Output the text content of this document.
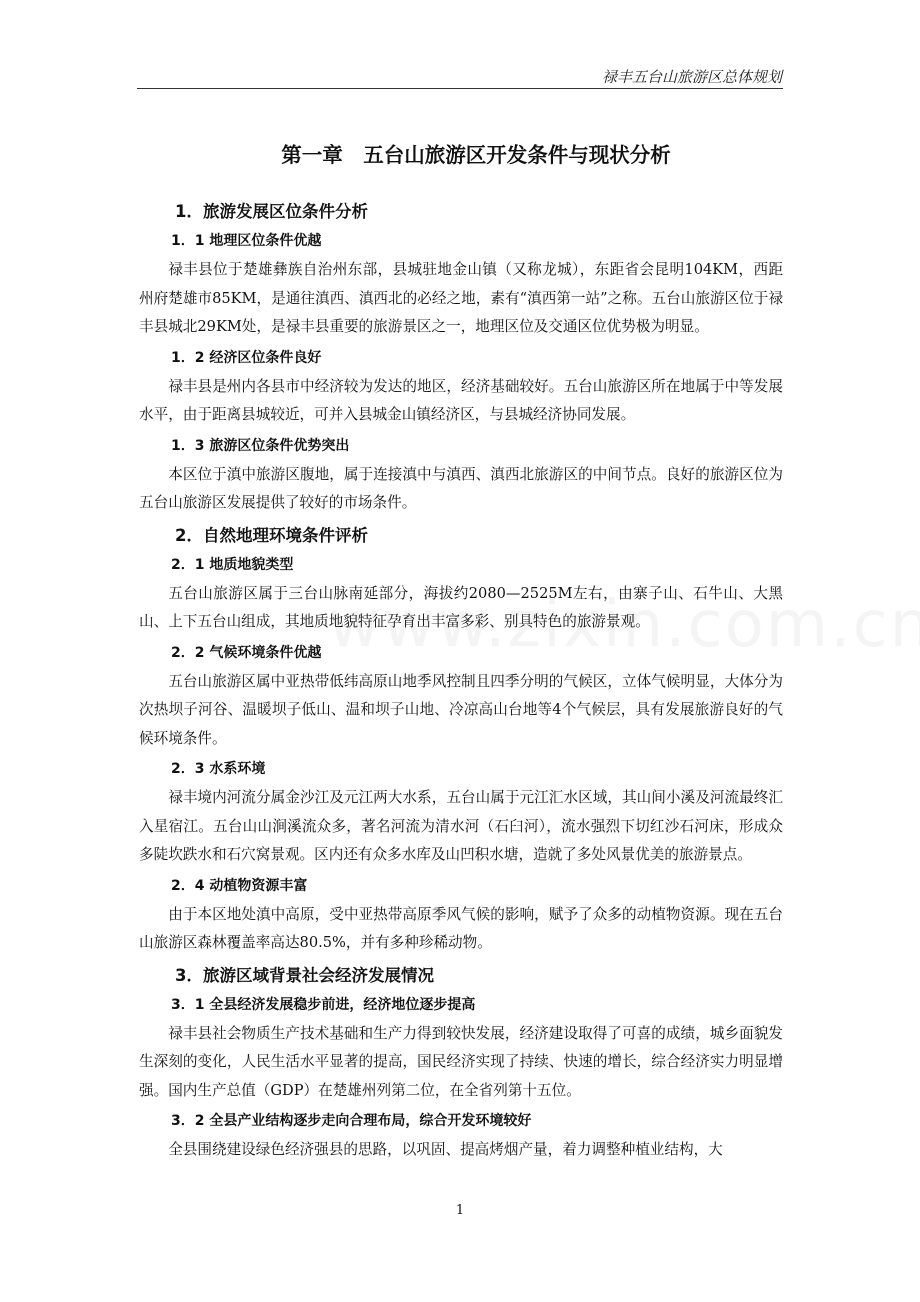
禄丰五台山旅游区总体规划
第一章　五台山旅游区开发条件与现状分析
1．旅游发展区位条件分析
1．1 地理区位条件优越

禄丰县位于楚雄彝族自治州东部，县城驻地金山镇（又称龙城），东距省会昆明104KM，西距州府楚雄市85KM，是通往滇西、滇西北的必经之地，素有“滇西第一站”之称。五台山旅游区位于禄丰县城北29KM处，是禄丰县重要的旅游景区之一，地理区位及交通区位优势极为明显。

1．2 经济区位条件良好

禄丰县是州内各县市中经济较为发达的地区，经济基础较好。五台山旅游区所在地属于中等发展水平，由于距离县城较近，可并入县城金山镇经济区，与县城经济协同发展。

1．3 旅游区位条件优势突出

本区位于滇中旅游区腹地，属于连接滇中与滇西、滇西北旅游区的中间节点。良好的旅游区位为五台山旅游区发展提供了较好的市场条件。

2．自然地理环境条件评析
2．1 地质地貌类型

五台山旅游区属于三台山脉南延部分，海拔约2080—2525M左右，由寨子山、石牛山、大黑山、上下五台山组成，其地质地貌特征孕育出丰富多彩、别具特色的旅游景观。

2．2 气候环境条件优越

五台山旅游区属中亚热带低纬高原山地季风控制且四季分明的气候区，立体气候明显，大体分为次热坝子河谷、温暖坝子低山、温和坝子山地、冷凉高山台地等4个气候层，具有发展旅游良好的气候环境条件。

2．3 水系环境

禄丰境内河流分属金沙江及元江两大水系，五台山属于元江汇水区域，其山间小溪及河流最终汇入星宿江。五台山山涧溪流众多，著名河流为清水河（石臼河），流水强烈下切红沙石河床，形成众多陡坎跌水和石穴窝景观。区内还有众多水库及山凹积水塘，造就了多处风景优美的旅游景点。

2．4 动植物资源丰富

由于本区地处滇中高原，受中亚热带高原季风气候的影响，赋予了众多的动植物资源。现在五台山旅游区森林覆盖率高达80.5%，并有多种珍稀动物。

3．旅游区域背景社会经济发展情况
3．1 全县经济发展稳步前进，经济地位逐步提高

禄丰县社会物质生产技术基础和生产力得到较快发展，经济建设取得了可喜的成绩，城乡面貌发生深刻的变化，人民生活水平显著的提高，国民经济实现了持续、快速的增长，综合经济实力明显增强。国内生产总值（GDP）在楚雄州列第二位，在全省列第十五位。

3．2 全县产业结构逐步走向合理布局，综合开发环境较好

全县围绕建设绿色经济强县的思路，以巩固、提高烤烟产量，着力调整种植业结构，大

1
